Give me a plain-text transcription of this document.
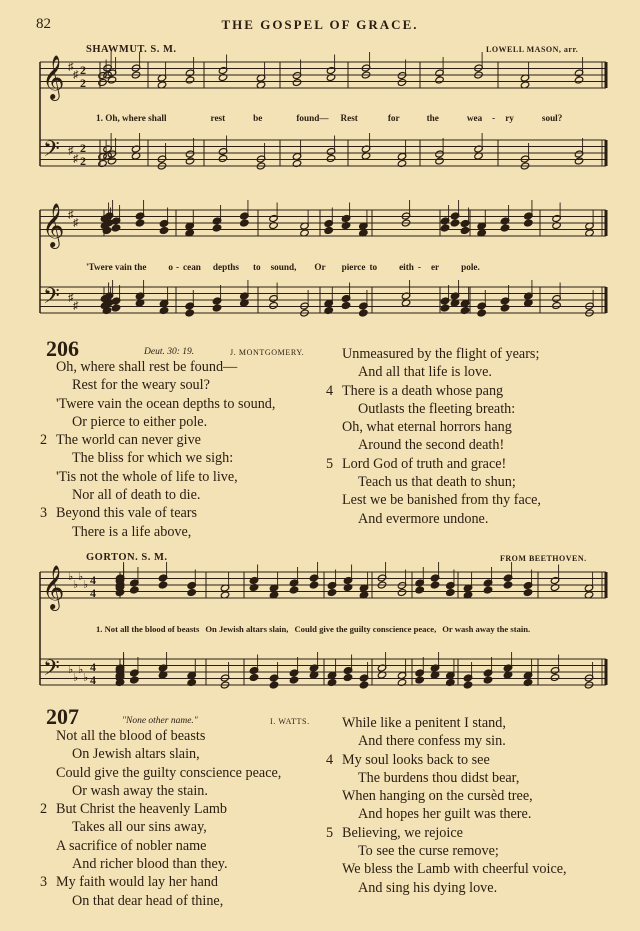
82	THE GOSPEL OF GRACE.
SHAWMUT. S. M.	LOWELL MASON, arr.
𝄞
𝄢
♯
♯
♯
♯
2
2
2
2
𝄞
𝄢
♯
♯
♯
♯
𝄞
𝄢
♭
♭
♭
♭
♭
♭
♭
♭
4
4
4
4
1. Oh, where shall	rest	be	found— Rest	for	the	wea - ry	soul?
'Twere vain the o - cean depths to sound, Or pierce to eith - er pole.
206	Deut. 30: 19.	J. MONTGOMERY.
Oh, where shall rest be found—
Rest for the weary soul?
'Twere vain the ocean depths to sound,
Or pierce to either pole.
2 The world can never give
The bliss for which we sigh:
'Tis not the whole of life to live,
Nor all of death to die.
3 Beyond this vale of tears
There is a life above,
Unmeasured by the flight of years;
And all that life is love.
4 There is a death whose pang
Outlasts the fleeting breath:
Oh, what eternal horrors hang
Around the second death!
5 Lord God of truth and grace!
Teach us that death to shun;
Lest we be banished from thy face,
And evermore undone.
GORTON. S. M.	FROM BEETHOVEN.
1. Not all the blood of beasts On Jewish altars slain, Could give the guilty conscience peace, Or wash away the stain.
207	"None other name."	I. WATTS.
Not all the blood of beasts
On Jewish altars slain,
Could give the guilty conscience peace,
Or wash away the stain.
2 But Christ the heavenly Lamb
Takes all our sins away,
A sacrifice of nobler name
And richer blood than they.
3 My faith would lay her hand
On that dear head of thine,
While like a penitent I stand,
And there confess my sin.
4 My soul looks back to see
The burdens thou didst bear,
When hanging on the cursèd tree,
And hopes her guilt was there.
5 Believing, we rejoice
To see the curse remove;
We bless the Lamb with cheerful voice,
And sing his dying love.
